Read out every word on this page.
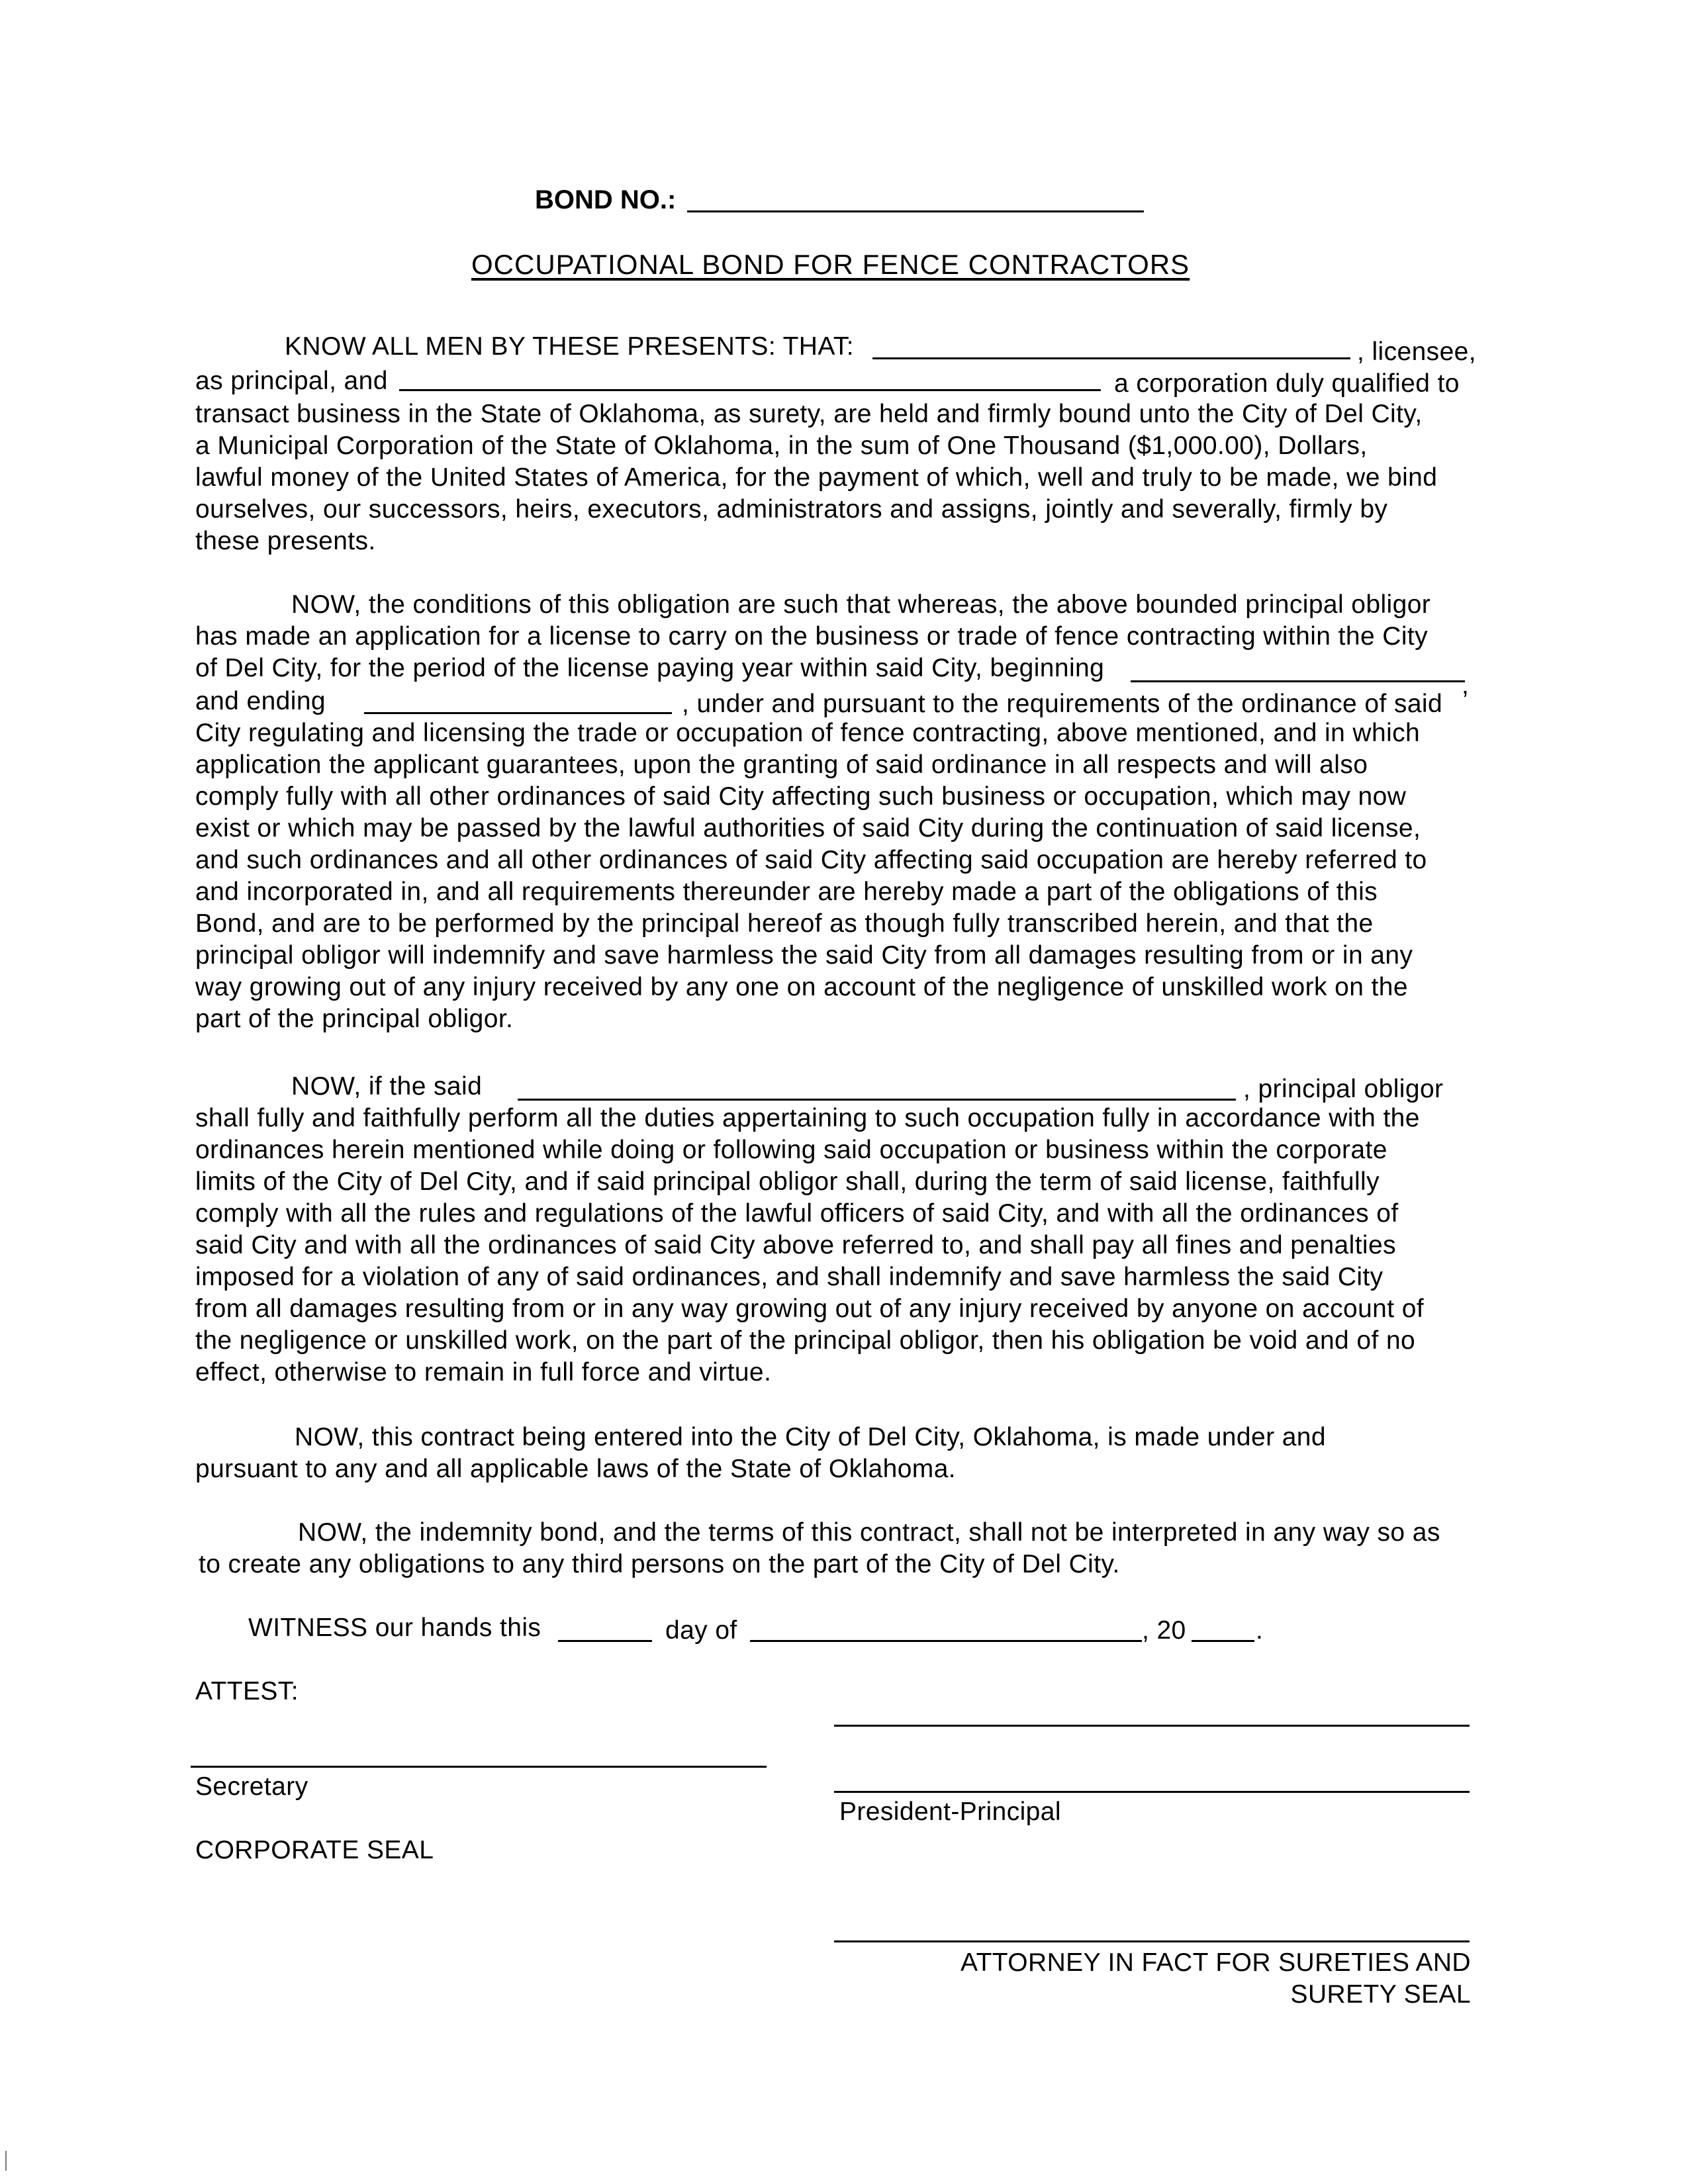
BOND NO.:
OCCUPATIONAL BOND FOR FENCE CONTRACTORS
KNOW ALL MEN BY THESE PRESENTS: THAT:	, licensee,
as principal, and	a corporation duly qualified to
transact business in the State of Oklahoma, as surety, are held and firmly bound unto the City of Del City,
a Municipal Corporation of the State of Oklahoma, in the sum of One Thousand ($1,000.00), Dollars,
lawful money of the United States of America, for the payment of which, well and truly to be made, we bind
ourselves, our successors, heirs, executors, administrators and assigns, jointly and severally, firmly by
these presents.
NOW, the conditions of this obligation are such that whereas, the above bounded principal obligor
has made an application for a license to carry on the business or trade of fence contracting within the City
of Del City, for the period of the license paying year within said City, beginning
,
and ending	, under and pursuant to the requirements of the ordinance of said
City regulating and licensing the trade or occupation of fence contracting, above mentioned, and in which
application the applicant guarantees, upon the granting of said ordinance in all respects and will also
comply fully with all other ordinances of said City affecting such business or occupation, which may now
exist or which may be passed by the lawful authorities of said City during the continuation of said license,
and such ordinances and all other ordinances of said City affecting said occupation are hereby referred to
and incorporated in, and all requirements thereunder are hereby made a part of the obligations of this
Bond, and are to be performed by the principal hereof as though fully transcribed herein, and that the
principal obligor will indemnify and save harmless the said City from all damages resulting from or in any
way growing out of any injury received by any one on account of the negligence of unskilled work on the
part of the principal obligor.
NOW, if the said	, principal obligor
shall fully and faithfully perform all the duties appertaining to such occupation fully in accordance with the
ordinances herein mentioned while doing or following said occupation or business within the corporate
limits of the City of Del City, and if said principal obligor shall, during the term of said license, faithfully
comply with all the rules and regulations of the lawful officers of said City, and with all the ordinances of
said City and with all the ordinances of said City above referred to, and shall pay all fines and penalties
imposed for a violation of any of said ordinances, and shall indemnify and save harmless the said City
from all damages resulting from or in any way growing out of any injury received by anyone on account of
the negligence or unskilled work, on the part of the principal obligor, then his obligation be void and of no
effect, otherwise to remain in full force and virtue.
NOW, this contract being entered into the City of Del City, Oklahoma, is made under and
pursuant to any and all applicable laws of the State of Oklahoma.
NOW, the indemnity bond, and the terms of this contract, shall not be interpreted in any way so as
to create any obligations to any third persons on the part of the City of Del City.
WITNESS our hands this	day of	, 20	.
ATTEST:
Secretary
President-Principal
CORPORATE SEAL
ATTORNEY IN FACT FOR SURETIES AND
SURETY SEAL
